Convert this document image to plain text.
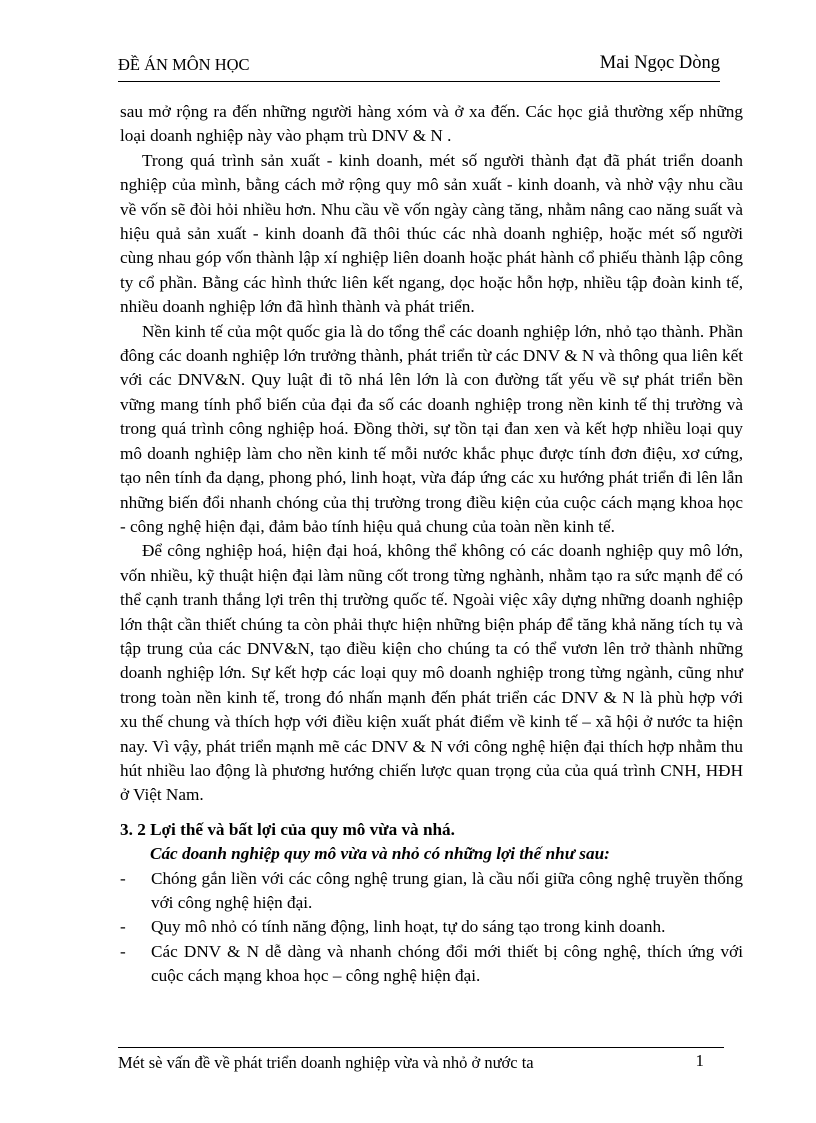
ĐỀ ÁN MÔN HỌC	Mai Ngọc Dòng

sau mở rộng ra đến những người hàng xóm và ở xa đến. Các học giả thường xếp những loại doanh nghiệp này vào phạm trù DNV & N .

Trong quá trình sản xuất - kinh doanh, mét số người thành đạt đã phát triển doanh nghiệp của mình, bằng cách mở rộng quy mô sản xuất - kinh doanh, và nhờ vậy nhu cầu về vốn sẽ đòi hỏi nhiều hơn. Nhu cầu về vốn ngày càng tăng, nhằm nâng cao năng suất và hiệu quả sản xuất - kinh doanh đã thôi thúc các nhà doanh nghiệp, hoặc mét số người cùng nhau góp vốn thành lập xí nghiệp liên doanh hoặc phát hành cổ phiếu thành lập công ty cổ phần. Bằng các hình thức liên kết ngang, dọc hoặc hỗn hợp, nhiều tập đoàn kinh tế, nhiều doanh nghiệp lớn đã hình thành và phát triển.

Nền kinh tế của một quốc gia là do tổng thể các doanh nghiệp lớn, nhỏ tạo thành. Phần đông các doanh nghiệp lớn trưởng thành, phát triển từ các DNV & N và thông qua liên kết với các DNV&N. Quy luật đi tõ nhá lên lớn là con đường tất yếu về sự phát triển bền vững mang tính phổ biến của đại đa số các doanh nghiệp trong nền kinh tế thị trường và trong quá trình công nghiệp hoá. Đồng thời, sự tồn tại đan xen và kết hợp nhiều loại quy mô doanh nghiệp làm cho nền kinh tế mỗi nước khắc phục được tính đơn điệu, xơ cứng, tạo nên tính đa dạng, phong phó, linh hoạt, vừa đáp ứng các xu hướng phát triển đi lên lẫn những biến đổi nhanh chóng của thị trường trong điều kiện của cuộc cách mạng khoa học - công nghệ hiện đại, đảm bảo tính hiệu quả chung của toàn nền kinh tế.

Để công nghiệp hoá, hiện đại hoá, không thể không có các doanh nghiệp quy mô lớn, vốn nhiều, kỹ thuật hiện đại làm nũng cốt trong từng nghành, nhằm tạo ra sức mạnh để có thể cạnh tranh thắng lợi trên thị trường quốc tế. Ngoài việc xây dựng những doanh nghiệp lớn thật cần thiết chúng ta còn phải thực hiện những biện pháp để tăng khả năng tích tụ và tập trung của các DNV&N, tạo điều kiện cho chúng ta có thể vươn lên trở thành những doanh nghiệp lớn. Sự kết hợp các loại quy mô doanh nghiệp trong từng ngành, cũng như trong toàn nền kinh tế, trong đó nhấn mạnh đến phát triển các DNV & N là phù hợp với xu thế chung và thích hợp với điều kiện xuất phát điểm về kinh tế – xã hội ở nước ta hiện nay. Vì vậy, phát triển mạnh mẽ các DNV & N với công nghệ hiện đại thích hợp nhằm thu hút nhiều lao động là phương hướng chiến lược quan trọng của của quá trình CNH, HĐH ở Việt Nam.

3. 2 Lợi thế và bất lợi của quy mô vừa và nhá.

Các doanh nghiệp quy mô vừa và nhỏ có những lợi thế như sau:

- Chóng gắn liền với các công nghệ trung gian, là cầu nối giữa công nghệ truyền thống với công nghệ hiện đại.
- Quy mô nhỏ có tính năng động, linh hoạt, tự do sáng tạo trong kinh doanh.
- Các DNV & N dễ dàng và nhanh chóng đổi mới thiết bị công nghệ, thích ứng với cuộc cách mạng khoa học – công nghệ hiện đại.
Mét sè vấn đề về phát triển doanh nghiệp vừa và nhỏ ở nước ta	1
